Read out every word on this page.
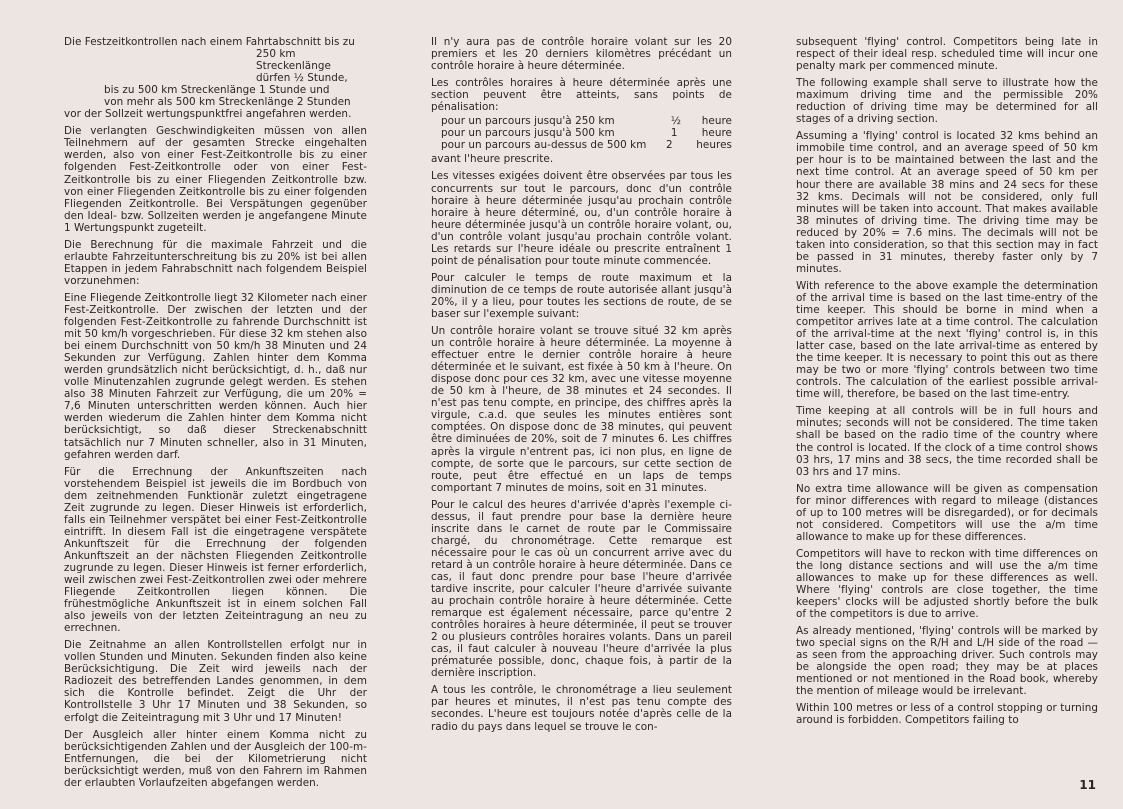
Die Festzeitkontrollen nach einem Fahrtabschnitt bis zu
250 km Streckenlänge dürfen ½ Stunde,
bis zu 500 km Streckenlänge 1 Stunde und
von mehr als 500 km Streckenlänge 2 Stunden
vor der Sollzeit wertungspunktfrei angefahren werden.

Die verlangten Geschwindigkeiten müssen von allen Teilnehmern auf der gesamten Strecke eingehalten werden, also von einer Fest-Zeitkontrolle bis zu einer folgenden Fest-Zeitkontrolle oder von einer Fest-Zeitkontrolle bis zu einer Fliegenden Zeitkontrolle bzw. von einer Fliegenden Zeitkontrolle bis zu einer folgenden Fliegenden Zeitkontrolle. Bei Verspätungen gegenüber den Ideal- bzw. Sollzeiten werden je angefangene Minute 1 Wertungspunkt zugeteilt.

Die Berechnung für die maximale Fahrzeit und die erlaubte Fahrzeitunterschreitung bis zu 20% ist bei allen Etappen in jedem Fahrabschnitt nach folgendem Beispiel vorzunehmen:

Eine Fliegende Zeitkontrolle liegt 32 Kilometer nach einer Fest-Zeitkontrolle. Der zwischen der letzten und der folgenden Fest-Zeitkontrolle zu fahrende Durchschnitt ist mit 50 km/h vorgeschrieben. Für diese 32 km stehen also bei einem Durchschnitt von 50 km/h 38 Minuten und 24 Sekunden zur Verfügung. Zahlen hinter dem Komma werden grundsätzlich nicht berücksichtigt, d. h., daß nur volle Minutenzahlen zugrunde gelegt werden. Es stehen also 38 Minuten Fahrzeit zur Verfügung, die um 20% = 7,6 Minuten unterschritten werden können. Auch hier werden wiederum die Zahlen hinter dem Komma nicht berücksichtigt, so daß dieser Streckenabschnitt tatsächlich nur 7 Minuten schneller, also in 31 Minuten, gefahren werden darf.

Für die Errechnung der Ankunftszeiten nach vorstehendem Beispiel ist jeweils die im Bordbuch von dem zeitnehmenden Funktionär zuletzt eingetragene Zeit zugrunde zu legen. Dieser Hinweis ist erforderlich, falls ein Teilnehmer verspätet bei einer Fest-Zeitkontrolle eintrifft. In diesem Fall ist die eingetragene verspätete Ankunftszeit für die Errechnung der folgenden Ankunftszeit an der nächsten Fliegenden Zeitkontrolle zugrunde zu legen. Dieser Hinweis ist ferner erforderlich, weil zwischen zwei Fest-Zeitkontrollen zwei oder mehrere Fliegende Zeitkontrollen liegen können. Die frühestmögliche Ankunftszeit ist in einem solchen Fall also jeweils von der letzten Zeiteintragung an neu zu errechnen.

Die Zeitnahme an allen Kontrollstellen erfolgt nur in vollen Stunden und Minuten. Sekunden finden also keine Berücksichtigung. Die Zeit wird jeweils nach der Radiozeit des betreffenden Landes genommen, in dem sich die Kontrolle befindet. Zeigt die Uhr der Kontrollstelle 3 Uhr 17 Minuten und 38 Sekunden, so erfolgt die Zeiteintragung mit 3 Uhr und 17 Minuten!

Der Ausgleich aller hinter einem Komma nicht zu berücksichtigenden Zahlen und der Ausgleich der 100-m-Entfernungen, die bei der Kilometrierung nicht berücksichtigt werden, muß von den Fahrern im Rahmen der erlaubten Vorlaufzeiten abgefangen werden.

Il n'y aura pas de contrôle horaire volant sur les 20 premiers et les 20 derniers kilomètres précédant un contrôle horaire à heure déterminée.

Les contrôles horaires à heure déterminée après une section peuvent être atteints, sans points de pénalisation:

pour un parcours jusqu'à 250 km	½	heure
pour un parcours jusqu'à 500 km	1	heure
pour un parcours au-dessus de 500 km	2	heures

avant l'heure prescrite.

Les vitesses exigées doivent être observées par tous les concurrents sur tout le parcours, donc d'un contrôle horaire à heure déterminée jusqu'au prochain contrôle horaire à heure déterminé, ou, d'un contrôle horaire à heure déterminée jusqu'à un contrôle horaire volant, ou, d'un contrôle volant jusqu'au prochain contrôle volant. Les retards sur l'heure idéale ou prescrite entraînent 1 point de pénalisation pour toute minute commencée.

Pour calculer le temps de route maximum et la diminution de ce temps de route autorisée allant jusqu'à 20%, il y a lieu, pour toutes les sections de route, de se baser sur l'exemple suivant:

Un contrôle horaire volant se trouve situé 32 km après un contrôle horaire à heure déterminée. La moyenne à effectuer entre le dernier contrôle horaire à heure déterminée et le suivant, est fixée à 50 km à l'heure. On dispose donc pour ces 32 km, avec une vitesse moyenne de 50 km à l'heure, de 38 minutes et 24 secondes. Il n'est pas tenu compte, en principe, des chiffres après la virgule, c.a.d. que seules les minutes entières sont comptées. On dispose donc de 38 minutes, qui peuvent être diminuées de 20%, soit de 7 minutes 6. Les chiffres après la virgule n'entrent pas, ici non plus, en ligne de compte, de sorte que le parcours, sur cette section de route, peut être effectué en un laps de temps comportant 7 minutes de moins, soit en 31 minutes.

Pour le calcul des heures d'arrivée d'après l'exemple ci-dessus, il faut prendre pour base la dernière heure inscrite dans le carnet de route par le Commissaire chargé, du chronométrage. Cette remarque est nécessaire pour le cas où un concurrent arrive avec du retard à un contrôle horaire à heure déterminée. Dans ce cas, il faut donc prendre pour base l'heure d'arrivée tardive inscrite, pour calculer l'heure d'arrivée suivante au prochain contrôle horaire à heure déterminée. Cette remarque est également nécessaire, parce qu'entre 2 contrôles horaires à heure déterminée, il peut se trouver 2 ou plusieurs contrôles horaires volants. Dans un pareil cas, il faut calculer à nouveau l'heure d'arrivée la plus prématurée possible, donc, chaque fois, à partir de la dernière inscription.

A tous les contrôle, le chronométrage a lieu seulement par heures et minutes, il n'est pas tenu compte des secondes. L'heure est toujours notée d'après celle de la radio du pays dans lequel se trouve le con-

subsequent 'flying' control. Competitors being late in respect of their ideal resp. scheduled time will incur one penalty mark per commenced minute.

The following example shall serve to illustrate how the maximum driving time and the permissible 20% reduction of driving time may be determined for all stages of a driving section.

Assuming a 'flying' control is located 32 kms behind an immobile time control, and an average speed of 50 km per hour is to be maintained between the last and the next time control. At an average speed of 50 km per hour there are available 38 mins and 24 secs for these 32 kms. Decimals will not be considered, only full minutes will be taken into account. That makes available 38 minutes of driving time. The driving time may be reduced by 20% = 7.6 mins. The decimals will not be taken into consideration, so that this section may in fact be passed in 31 minutes, thereby faster only by 7 minutes.

With reference to the above example the determination of the arrival time is based on the last time-entry of the time keeper. This should be borne in mind when a competitor arrives late at a time control. The calculation of the arrival-time at the next 'flying' control is, in this latter case, based on the late arrival-time as entered by the time keeper. It is necessary to point this out as there may be two or more 'flying' controls between two time controls. The calculation of the earliest possible arrival-time will, therefore, be based on the last time-entry.

Time keeping at all controls will be in full hours and minutes; seconds will not be considered. The time taken shall be based on the radio time of the country where the control is located. If the clock of a time control shows 03 hrs, 17 mins and 38 secs, the time recorded shall be 03 hrs and 17 mins.

No extra time allowance will be given as compensation for minor differences with regard to mileage (distances of up to 100 metres will be disregarded), or for decimals not considered. Competitors will use the a/m time allowance to make up for these differences.

Competitors will have to reckon with time differences on the long distance sections and will use the a/m time allowances to make up for these differences as well. Where 'flying' controls are close together, the time keepers' clocks will be adjusted shortly before the bulk of the competitors is due to arrive.

As already mentioned, 'flying' controls will be marked by two special signs on the R/H and L/H side of the road — as seen from the approaching driver. Such controls may be alongside the open road; they may be at places mentioned or not mentioned in the Road book, whereby the mention of mileage would be irrelevant.

Within 100 metres or less of a control stopping or turning around is forbidden. Competitors failing to

11
